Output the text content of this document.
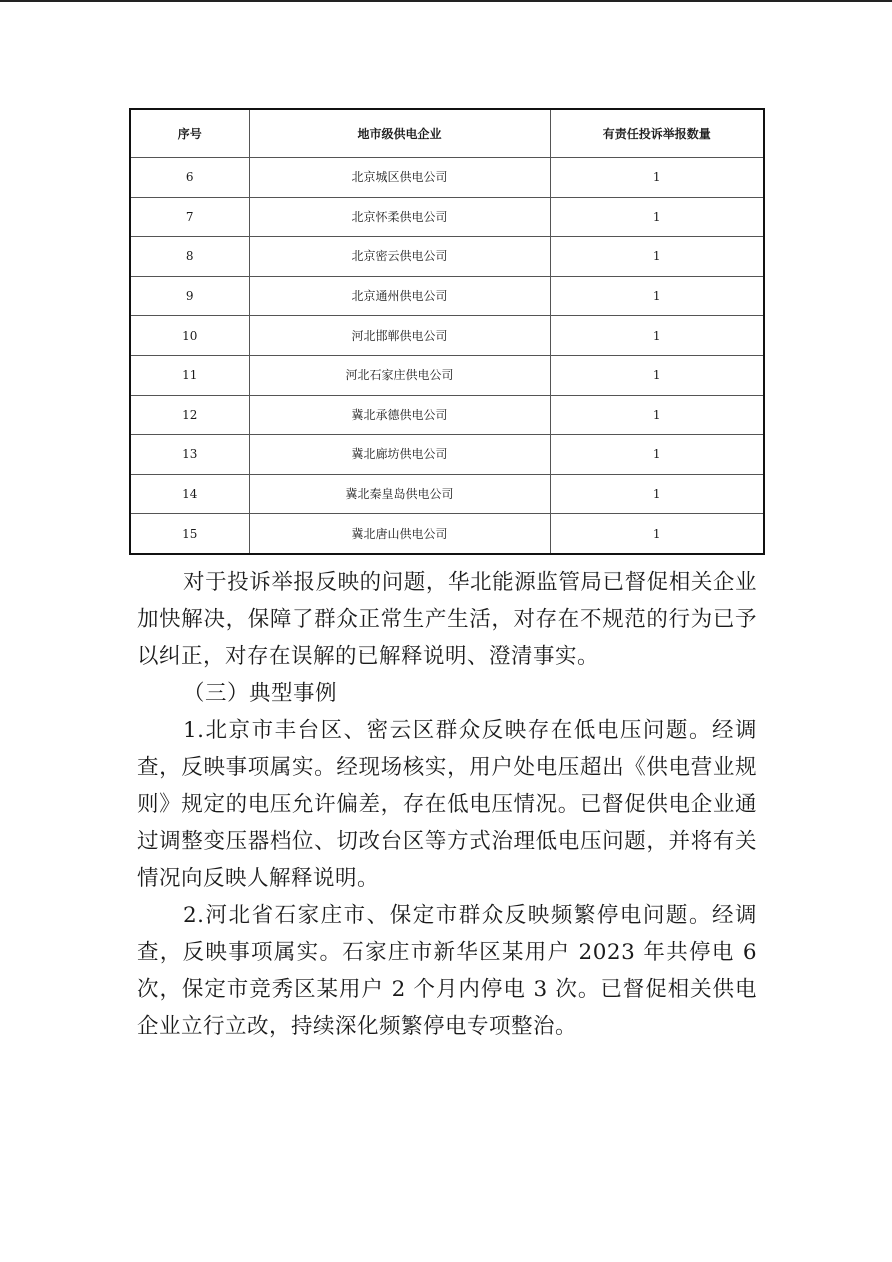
序号	地市级供电企业	有责任投诉举报数量
6	北京城区供电公司	1
7	北京怀柔供电公司	1
8	北京密云供电公司	1
9	北京通州供电公司	1
10	河北邯郸供电公司	1
11	河北石家庄供电公司	1
12	冀北承德供电公司	1
13	冀北廊坊供电公司	1
14	冀北秦皇岛供电公司	1
15	冀北唐山供电公司	1

对于投诉举报反映的问题，华北能源监管局已督促相关企业加快解决，保障了群众正常生产生活，对存在不规范的行为已予以纠正，对存在误解的已解释说明、澄清事实。

（三）典型事例

1.北京市丰台区、密云区群众反映存在低电压问题。经调查，反映事项属实。经现场核实，用户处电压超出《供电营业规则》规定的电压允许偏差，存在低电压情况。已督促供电企业通过调整变压器档位、切改台区等方式治理低电压问题，并将有关情况向反映人解释说明。

2.河北省石家庄市、保定市群众反映频繁停电问题。经调查，反映事项属实。石家庄市新华区某用户 2023 年共停电 6 次，保定市竞秀区某用户 2 个月内停电 3 次。已督促相关供电企业立行立改，持续深化频繁停电专项整治。
